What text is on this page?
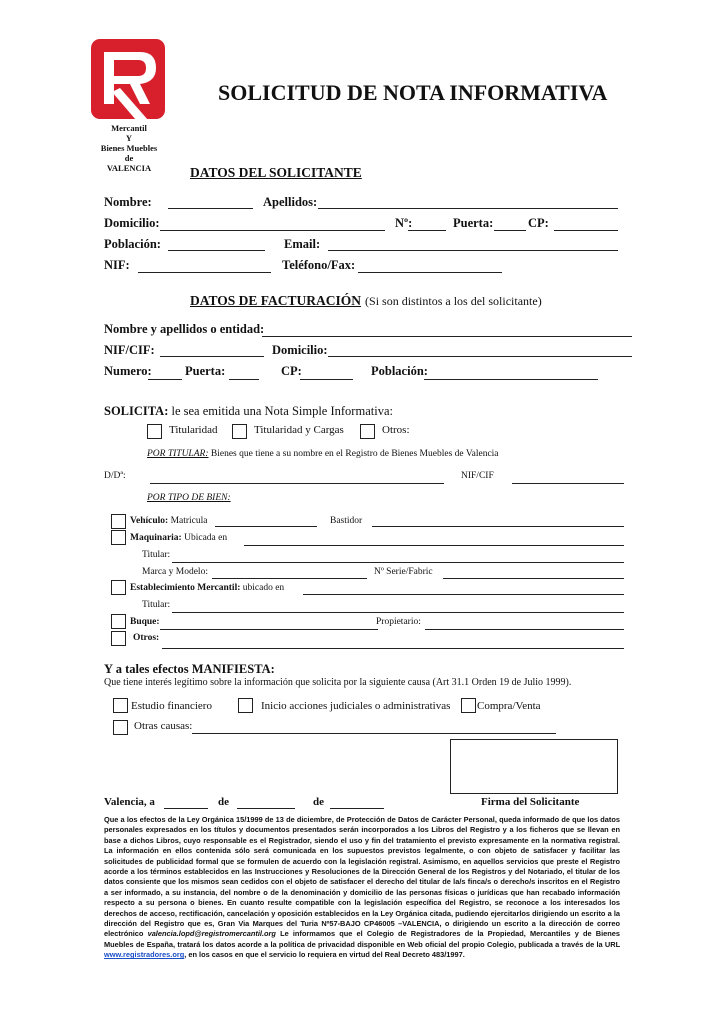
Mercantil
Y
Bienes Muebles
de
VALENCIA
SOLICITUD DE NOTA INFORMATIVA
DATOS DEL SOLICITANTE
Nombre:	Apellidos:
Domicilio:	Nº:	Puerta:	CP:
Población:	Email:
NIF:	Teléfono/Fax:
DATOS DE FACTURACIÓN (Si son distintos a los del solicitante)
Nombre y apellidos o entidad:
NIF/CIF:	Domicilio:
Numero:	Puerta:	CP:	Población:
SOLICITA: le sea emitida una Nota Simple Informativa:
Titularidad	Titularidad y Cargas	Otros:
POR TITULAR: Bienes que tiene a su nombre en el Registro de Bienes Muebles de Valencia
D/Dª:	NIF/CIF
POR TIPO DE BIEN:
Vehículo: Matricula	Bastidor
Maquinaria: Ubicada en
Titular:
Marca y Modelo:	Nº Serie/Fabric
Establecimiento Mercantil: ubicado en
Titular:
Buque:	Propietario:
Otros:
Y a tales efectos MANIFIESTA:
Que tiene interés legítimo sobre la información que solicita por la siguiente causa (Art 31.1 Orden 19 de Julio 1999).
Estudio financiero	Inicio acciones judiciales o administrativas Compra/Venta
Otras causas:
Valencia, a	de	de	Firma del Solicitante
Que a los efectos de la Ley Orgánica 15/1999 de 13 de diciembre, de Protección de Datos de Carácter Personal, queda informado de que los datos personales expresados en los títulos y documentos presentados serán incorporados a los Libros del Registro y a los ficheros que se llevan en base a dichos Libros, cuyo responsable es el Registrador, siendo el uso y fin del tratamiento el previsto expresamente en la normativa registral. La información en ellos contenida sólo será comunicada en los supuestos previstos legalmente, o con objeto de satisfacer y facilitar las solicitudes de publicidad formal que se formulen de acuerdo con la legislación registral. Asimismo, en aquellos servicios que preste el Registro acorde a los términos establecidos en las Instrucciones y Resoluciones de la Dirección General de los Registros y del Notariado, el titular de los datos consiente que los mismos sean cedidos con el objeto de satisfacer el derecho del titular de la/s finca/s o derecho/s inscritos en el Registro a ser informado, a su instancia, del nombre o de la denominación y domicilio de las personas físicas o jurídicas que han recabado información respecto a su persona o bienes. En cuanto resulte compatible con la legislación específica del Registro, se reconoce a los interesados los derechos de acceso, rectificación, cancelación y oposición establecidos en la Ley Orgánica citada, pudiendo ejercitarlos dirigiendo un escrito a la dirección del Registro que es, Gran Via Marques del Turia Nº57-BAJO CP46005 –VALENCIA, o dirigiendo un escrito a la dirección de correo electrónico valencia.lopd@registromercantil.org Le informamos que el Colegio de Registradores de la Propiedad, Mercantiles y de Bienes Muebles de España, tratará los datos acorde a la política de privacidad disponible en Web oficial del propio Colegio, publicada a través de la URL www.registradores.org, en los casos en que el servicio lo requiera en virtud del Real Decreto 483/1997.
